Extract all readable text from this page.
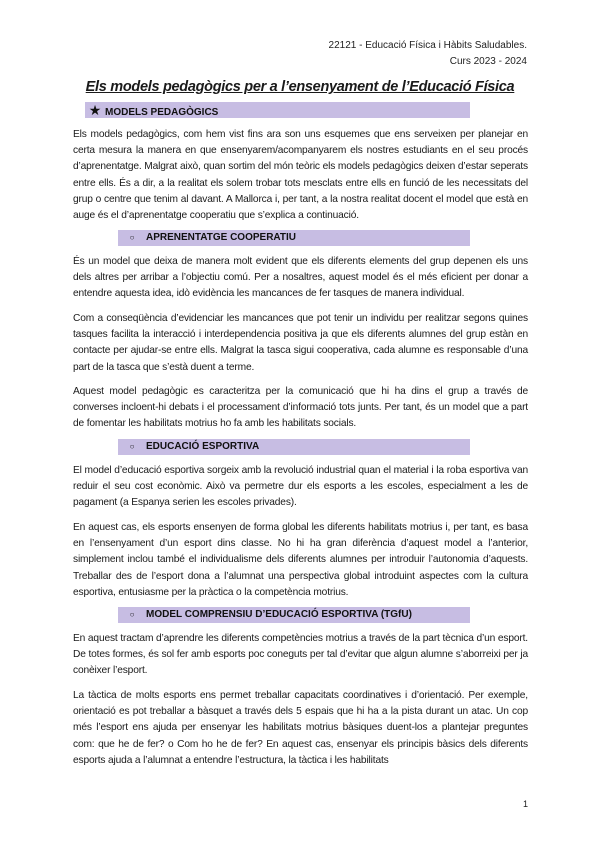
22121 - Educació Física i Hàbits Saludables.
Curs 2023 - 2024
Els models pedagògics per a l’ensenyament de l’Educació Física
★ MODELS PEDAGÒGICS

Els models pedagògics, com hem vist fins ara son uns esquemes que ens serveixen per planejar en certa mesura la manera en que ensenyarem/acompanyarem els nostres estudiants en el seu procés d’aprenentatge. Malgrat això, quan sortim del món teòric els models pedagògics deixen d’estar seperats entre ells. És a dir, a la realitat els solem trobar tots mesclats entre ells en funció de les necessitats del grup o centre que tenim al davant. A Mallorca i, per tant, a la nostra realitat docent el model que està en auge és el d’aprenentatge cooperatiu que s’explica a continuació.

○ APRENENTATGE COOPERATIU

És un model que deixa de manera molt evident que els diferents elements del grup depenen els uns dels altres per arribar a l’objectiu comú. Per a nosaltres, aquest model és el més eficient per donar a entendre aquesta idea, idò evidència les mancances de fer tasques de manera individual.

Com a conseqüència d’evidenciar les mancances que pot tenir un individu per realitzar segons quines tasques facilita la interacció i interdependencia positiva ja que els diferents alumnes del grup estàn en contacte per ajudar-se entre ells. Malgrat la tasca sigui cooperativa, cada alumne es responsable d’una part de la tasca que s’està duent a terme.

Aquest model pedagògic es caracteritza per la comunicació que hi ha dins el grup a través de converses incloent-hi debats i el processament d’informació tots junts. Per tant, és un model que a part de fomentar les habilitats motrius ho fa amb les habilitats socials.

○ EDUCACIÓ ESPORTIVA

El model d’educació esportiva sorgeix amb la revolució industrial quan el material i la roba esportiva van reduir el seu cost econòmic. Això va permetre dur els esports a les escoles, especialment a les de pagament (a Espanya serien les escoles privades).

En aquest cas, els esports ensenyen de forma global les diferents habilitats motrius i, per tant, es basa en l’ensenyament d’un esport dins classe. No hi ha gran diferència d’aquest model a l’anterior, simplement inclou també el individualisme dels diferents alumnes per introduir l’autonomia d’aquests. Treballar des de l’esport dona a l’alumnat una perspectiva global introduint aspectes com la cultura esportiva, entusiasme per la pràctica o la competència motrius.

○ MODEL COMPRENSIU D’EDUCACIÓ ESPORTIVA (TGfU)

En aquest tractam d’aprendre les diferents competències motrius a través de la part tècnica d’un esport. De totes formes, és sol fer amb esports poc coneguts per tal d’evitar que algun alumne s’aborreixi per ja conèixer l’esport.

La tàctica de molts esports ens permet treballar capacitats coordinatives i d’orientació. Per exemple, orientació es pot treballar a bàsquet a través dels 5 espais que hi ha a la pista durant un atac. Un cop més l’esport ens ajuda per ensenyar les habilitats motrius bàsiques duent-los a plantejar preguntes com: que he de fer? o Com ho he de fer? En aquest cas, ensenyar els principis bàsics dels diferents esports ajuda a l’alumnat a entendre l’estructura, la tàctica i les habilitats

1
